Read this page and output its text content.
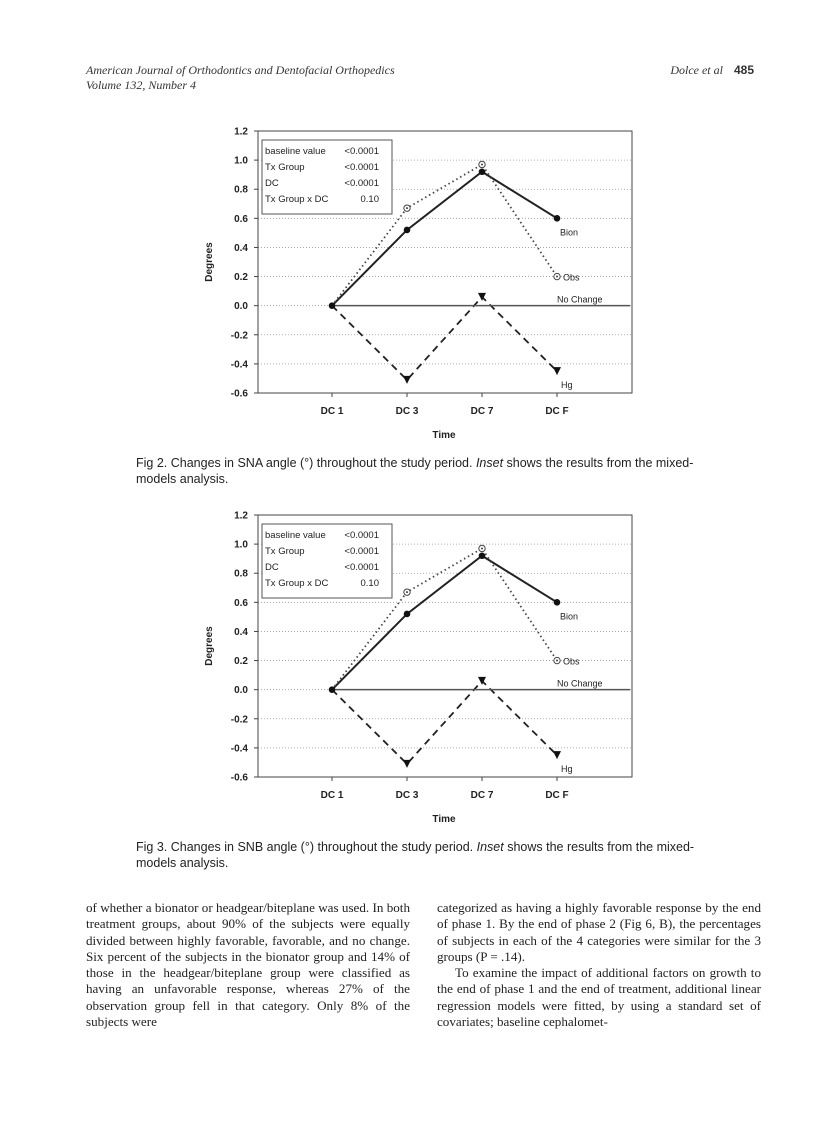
American Journal of Orthodontics and Dentofacial Orthopedics
Volume 132, Number 4
Dolce et al 485
1.2
1.0
0.8
0.6
0.4
0.2
0.0
-0.2
-0.4
-0.6
DC 1	DC 3	DC 7	DC F
Time
Degrees
Bion
Obs
Hg
No Change
baseline value <0.0001
Tx Group	<0.0001
DC	<0.0001
Tx Group x DC	0.10
Fig 2. Changes in SNA angle (°) throughout the study period. Inset shows the results from the mixed-models analysis.
1.2
1.0
0.8
0.6
0.4
0.2
0.0
-0.2
-0.4
-0.6
DC 1	DC 3	DC 7	DC F
Time
Degrees
Bion
Obs
Hg
No Change
baseline value <0.0001
Tx Group	<0.0001
DC	<0.0001
Tx Group x DC	0.10
Fig 3. Changes in SNB angle (°) throughout the study period. Inset shows the results from the mixed-models analysis.

of whether a bionator or headgear/biteplane was used. In both treatment groups, about 90% of the subjects were equally divided between highly favorable, favorable, and no change. Six percent of the subjects in the bionator group and 14% of those in the headgear/biteplane group were classified as having an unfavorable response, whereas 27% of the observation group fell in that category. Only 8% of the subjects were

categorized as having a highly favorable response by the end of phase 1. By the end of phase 2 (Fig 6, B), the percentages of subjects in each of the 4 categories were similar for the 3 groups (P = .14).

To examine the impact of additional factors on growth to the end of phase 1 and the end of treatment, additional linear regression models were fitted, by using a standard set of covariates; baseline cephalomet-
